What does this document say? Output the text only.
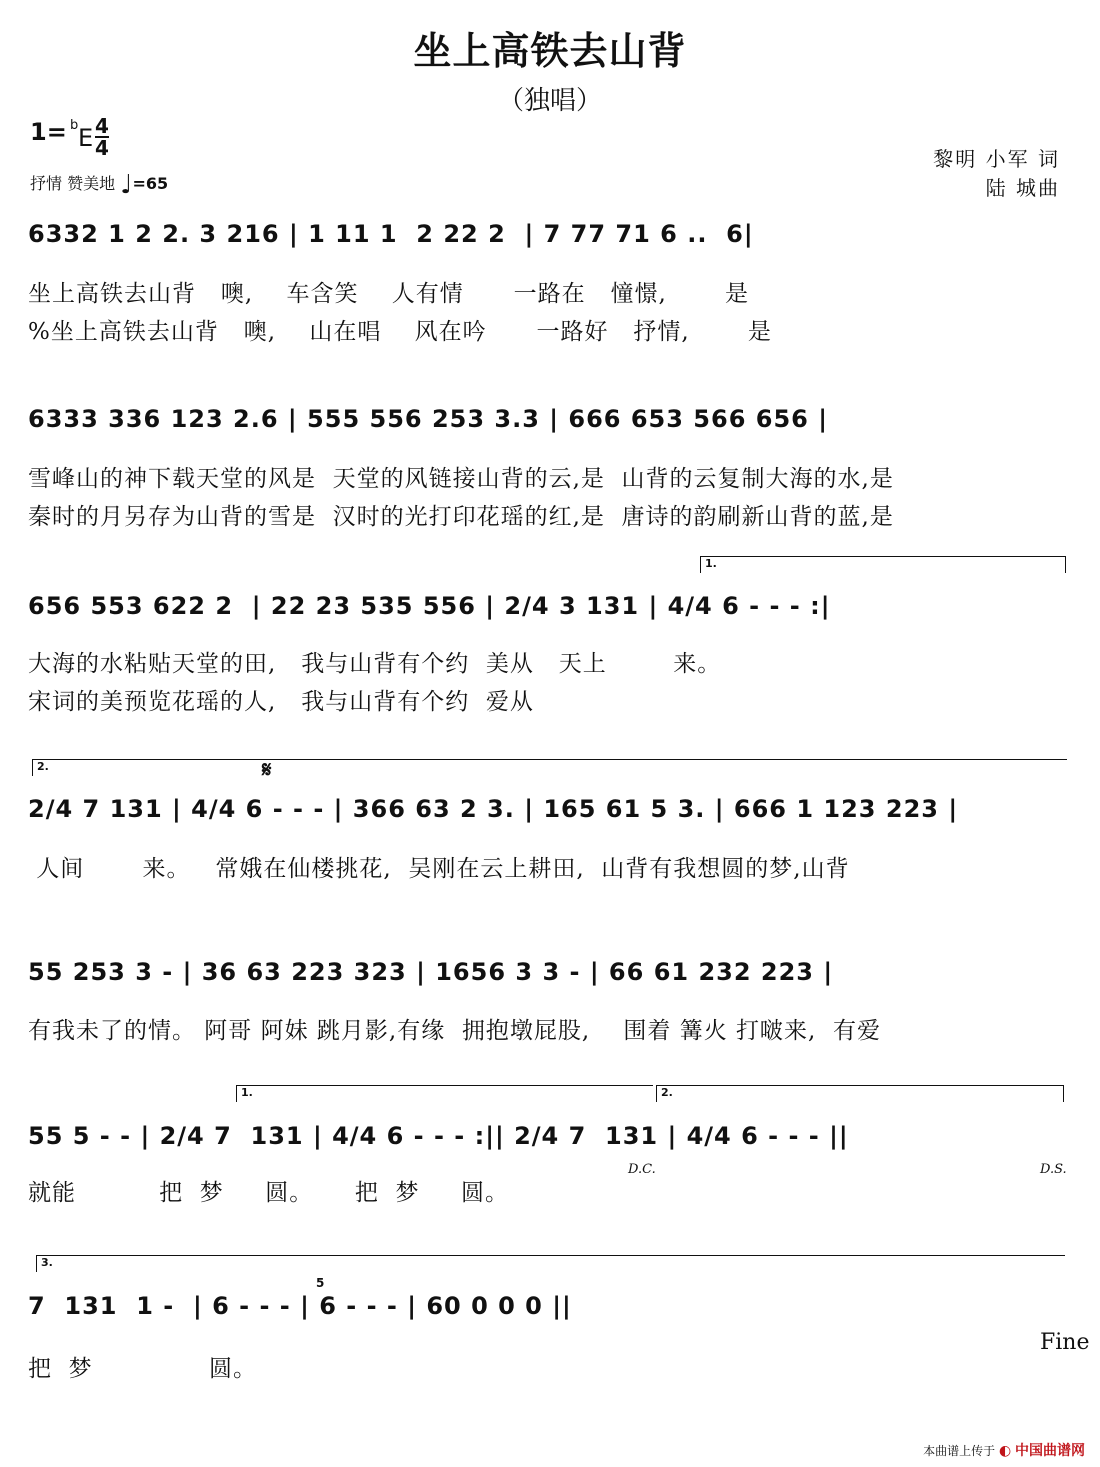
坐上高铁去山背
（独唱）
1= b E 4
4
抒情 赞美地 ♩=65
黎明 小军 词
陆 城曲
6332 1 2 2. 3 216 | 1 11 1  2 22 2  | 7 77 71 6 ..  6|
坐上高铁去山背   噢,    车含笑    人有情      一路在   憧憬,       是
%坐上高铁去山背   噢,    山在唱    风在吟      一路好   抒情,       是
6333 336 123 2.6 | 555 556 253 3.3 | 666 653 566 656 |
雪峰山的神下载天堂的风是  天堂的风链接山背的云,是  山背的云复制大海的水,是
秦时的月另存为山背的雪是  汉时的光打印花瑶的红,是  唐诗的韵刷新山背的蓝,是
1.
656 553 622 2  | 22 23 535 556 | 2/4 3 131 | 4/4 6 - - - :|
大海的水粘贴天堂的田,   我与山背有个约  美从   天上        来。
宋词的美预览花瑶的人,   我与山背有个约  爱从
2.	𝄋
2/4 7 131 | 4/4 6 - - - | 366 63 2 3. | 165 61 5 3. | 666 1 123 223 |
人间       来。   常娥在仙楼挑花,  吴刚在云上耕田,  山背有我想圆的梦,山背
55 253 3 - | 36 63 223 323 | 1656 3 3 - | 66 61 232 223 |
有我未了的情。 阿哥 阿妹 跳月影,有缘  拥抱墩屁股,    围着 篝火 打啵来,  有爱
1.	2.
55 5 - - | 2/4 7  131 | 4/4 6 - - - :|| 2/4 7  131 | 4/4 6 - - - ||
D.C.	D.S.
就能          把  梦     圆。     把  梦     圆。
3.
5
7  131  1 -  | 6 - - - | 6 - - - | 60 0 0 0 ||
Fine
把  梦              圆。
本曲谱上传于 ◐ 中国曲谱网
